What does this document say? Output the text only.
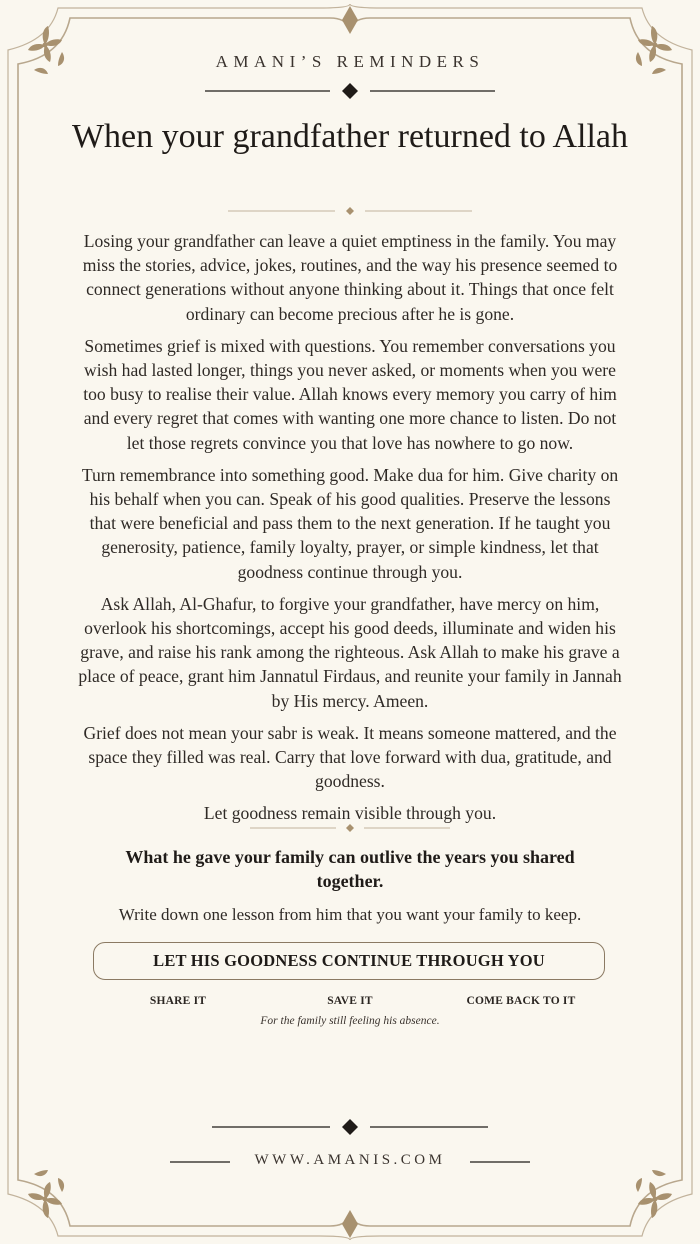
AMANI’S REMINDERS
When your grandfather returned to Allah

Losing your grandfather can leave a quiet emptiness in the family. You may miss the stories, advice, jokes, routines, and the way his presence seemed to connect generations without anyone thinking about it. Things that once felt ordinary can become precious after he is gone.

Sometimes grief is mixed with questions. You remember conversations you wish had lasted longer, things you never asked, or moments when you were too busy to realise their value. Allah knows every memory you carry of him and every regret that comes with wanting one more chance to listen. Do not let those regrets convince you that love has nowhere to go now.

Turn remembrance into something good. Make dua for him. Give charity on his behalf when you can. Speak of his good qualities. Preserve the lessons that were beneficial and pass them to the next generation. If he taught you generosity, patience, family loyalty, prayer, or simple kindness, let that goodness continue through you.

Ask Allah, Al-Ghafur, to forgive your grandfather, have mercy on him, overlook his shortcomings, accept his good deeds, illuminate and widen his grave, and raise his rank among the righteous. Ask Allah to make his grave a place of peace, grant him Jannatul Firdaus, and reunite your family in Jannah by His mercy. Ameen.

Grief does not mean your sabr is weak. It means someone mattered, and the space they filled was real. Carry that love forward with dua, gratitude, and goodness.

Let goodness remain visible through you.

What he gave your family can outlive the years you shared together.
Write down one lesson from him that you want your family to keep.
LET HIS GOODNESS CONTINUE THROUGH YOU
SHARE IT	SAVE IT	COME BACK TO IT
For the family still feeling his absence.
WWW.AMANIS.COM
